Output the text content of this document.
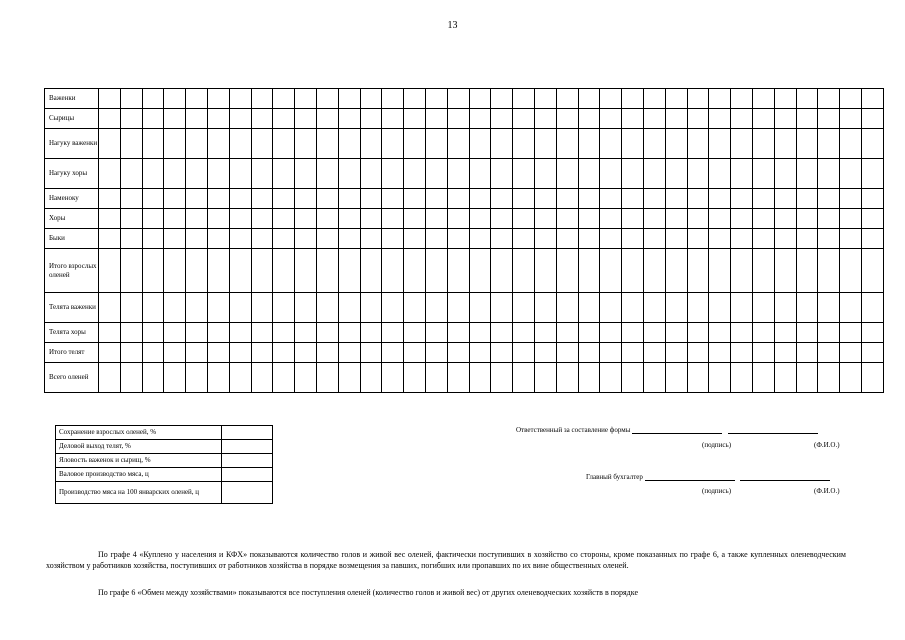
13
Важенки																																				
Сырицы																																				
Нагуку важенки																																				
Нагуку хоры																																				
Наменоку																																				
Хоры																																				
Быки																																				
Итого взрослых оленей																																				
Телята важенки																																				
Телята хоры																																				
Итого телят																																				
Всего оленей																																				
Сохранение взрослых оленей, %	
Деловой выход телят, %	
Яловость важенок и сырищ, %	
Валовое производство мяса, ц	
Производство мяса на 100 январских оленей, ц	
Ответственный за составление формы
(подпись)	(Ф.И.О.)
Главный бухгалтер
(подпись)	(Ф.И.О.)

По графе 4 «Куплено у населения и КФХ» показываются количество голов и живой вес оленей, фактически поступивших в хозяйство со стороны, кроме показанных по графе 6, а также купленных оленеводческим хозяйством у работников хозяйства, поступивших от работников хозяйства в порядке возмещения за павших, погибших или пропавших по их вине общественных оленей.

По графе 6 «Обмен между хозяйствами» показываются все поступления оленей (количество голов и живой вес) от других оленеводческих хозяйств в порядке
